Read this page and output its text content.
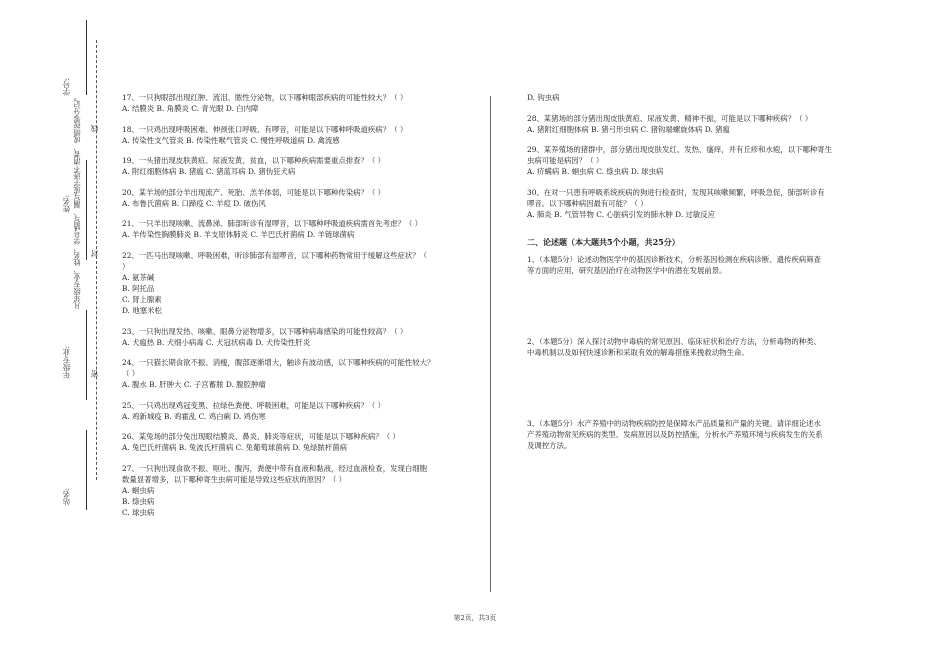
学号:
姓名:
年级专业:
站名:
凡年级专业、姓名、学号错写、漏写或字迹不清者，成绩按零分记。 线
封
密

17、一只狗眼部出现红肿、流泪、脓性分泌物，以下哪种眼部疾病的可能性较大？（ ）

A. 结膜炎 B. 角膜炎 C. 青光眼 D. 白内障

18、一只鸡出现呼吸困难、伸颈张口呼吸、有啰音，可能是以下哪种呼吸道疾病？（ ）

A. 传染性支气管炎 B. 传染性喉气管炎 C. 慢性呼吸道病 D. 禽流感

19、一头猪出现皮肤黄疸、尿液发黄、贫血，以下哪种疾病需要重点排查？（ ）

A. 附红细胞体病 B. 猪瘟 C. 猪蓝耳病 D. 猪伪狂犬病

20、某羊场的部分羊出现流产、死胎、羔羊体弱，可能是以下哪种传染病？（ ）

A. 布鲁氏菌病 B. 口蹄疫 C. 羊痘 D. 破伤风

21、一只羊出现咳嗽、流鼻涕、肺部听诊有湿啰音，以下哪种呼吸道疾病需首先考虑？（ ）

A. 羊传染性胸膜肺炎 B. 羊支原体肺炎 C. 羊巴氏杆菌病 D. 羊链球菌病

22、一匹马出现咳嗽、呼吸困难，听诊肺部有湿啰音，以下哪种药物常用于缓解这些症状？（

）

A. 氨茶碱

B. 阿托品

C. 肾上腺素

D. 地塞米松

23、一只狗出现发热、咳嗽、眼鼻分泌物增多，以下哪种病毒感染的可能性较高？（ ）

A. 犬瘟热 B. 犬细小病毒 C. 犬冠状病毒 D. 犬传染性肝炎

24、一只猫长期食欲不振、消瘦，腹部逐渐增大，触诊有波动感，以下哪种疾病的可能性较大？

（ ）

A. 腹水 B. 肝肿大 C. 子宫蓄脓 D. 腹腔肿瘤

25、一只鸡出现鸡冠变黑、拉绿色粪便、呼吸困难，可能是以下哪种疾病？（ ）

A. 鸡新城疫 B. 鸡霍乱 C. 鸡白痢 D. 鸡伤寒

26、某兔场的部分兔出现眼结膜炎、鼻炎、肺炎等症状，可能是以下哪种疾病？（ ）

A. 兔巴氏杆菌病 B. 兔波氏杆菌病 C. 兔葡萄球菌病 D. 兔绿脓杆菌病

27、一只狗出现食欲不振、呕吐、腹泻，粪便中带有血液和黏液，经过血液检查，发现白细胞

数量显著增多，以下哪种寄生虫病可能是导致这些症状的原因？（ ）

A. 蛔虫病

B. 绦虫病

C. 球虫病

D. 钩虫病

28、某猪场的部分猪出现皮肤黄疸、尿液发黄、精神不振，可能是以下哪种疾病？（ ）

A. 猪附红细胞体病 B. 猪弓形虫病 C. 猪钩端螺旋体病 D. 猪瘟

29、某养殖场的猪群中，部分猪出现皮肤发红、发热、瘙痒，并有丘疹和水疱，以下哪种寄生

虫病可能是病因？（ ）

A. 疥螨病 B. 蛔虫病 C. 绦虫病 D. 球虫病

30、在对一只患有呼吸系统疾病的狗进行检查时，发现其咳嗽频繁，呼吸急促，肺部听诊有

啰音。以下哪种病因最有可能？（ ）

A. 肺炎 B. 气管异物 C. 心脏病引发的肺水肿 D. 过敏反应

二、论述题（本大题共5个小题，共25分）

1、（本题5分）论述动物医学中的基因诊断技术，分析基因检测在疾病诊断、遗传疾病筛查

等方面的应用，研究基因治疗在动物医学中的潜在发展前景。

2、（本题5分）深入探讨动物中毒病的常见原因、临床症状和治疗方法，分析毒物的种类、

中毒机制以及如何快速诊断和采取有效的解毒措施来挽救动物生命。

3、（本题5分）水产养殖中的动物疾病防控是保障水产品质量和产量的关键。请详细论述水

产养殖动物常见疾病的类型、发病原因以及防控措施，分析水产养殖环境与疾病发生的关系

及调控方法。

第2页，共3页
